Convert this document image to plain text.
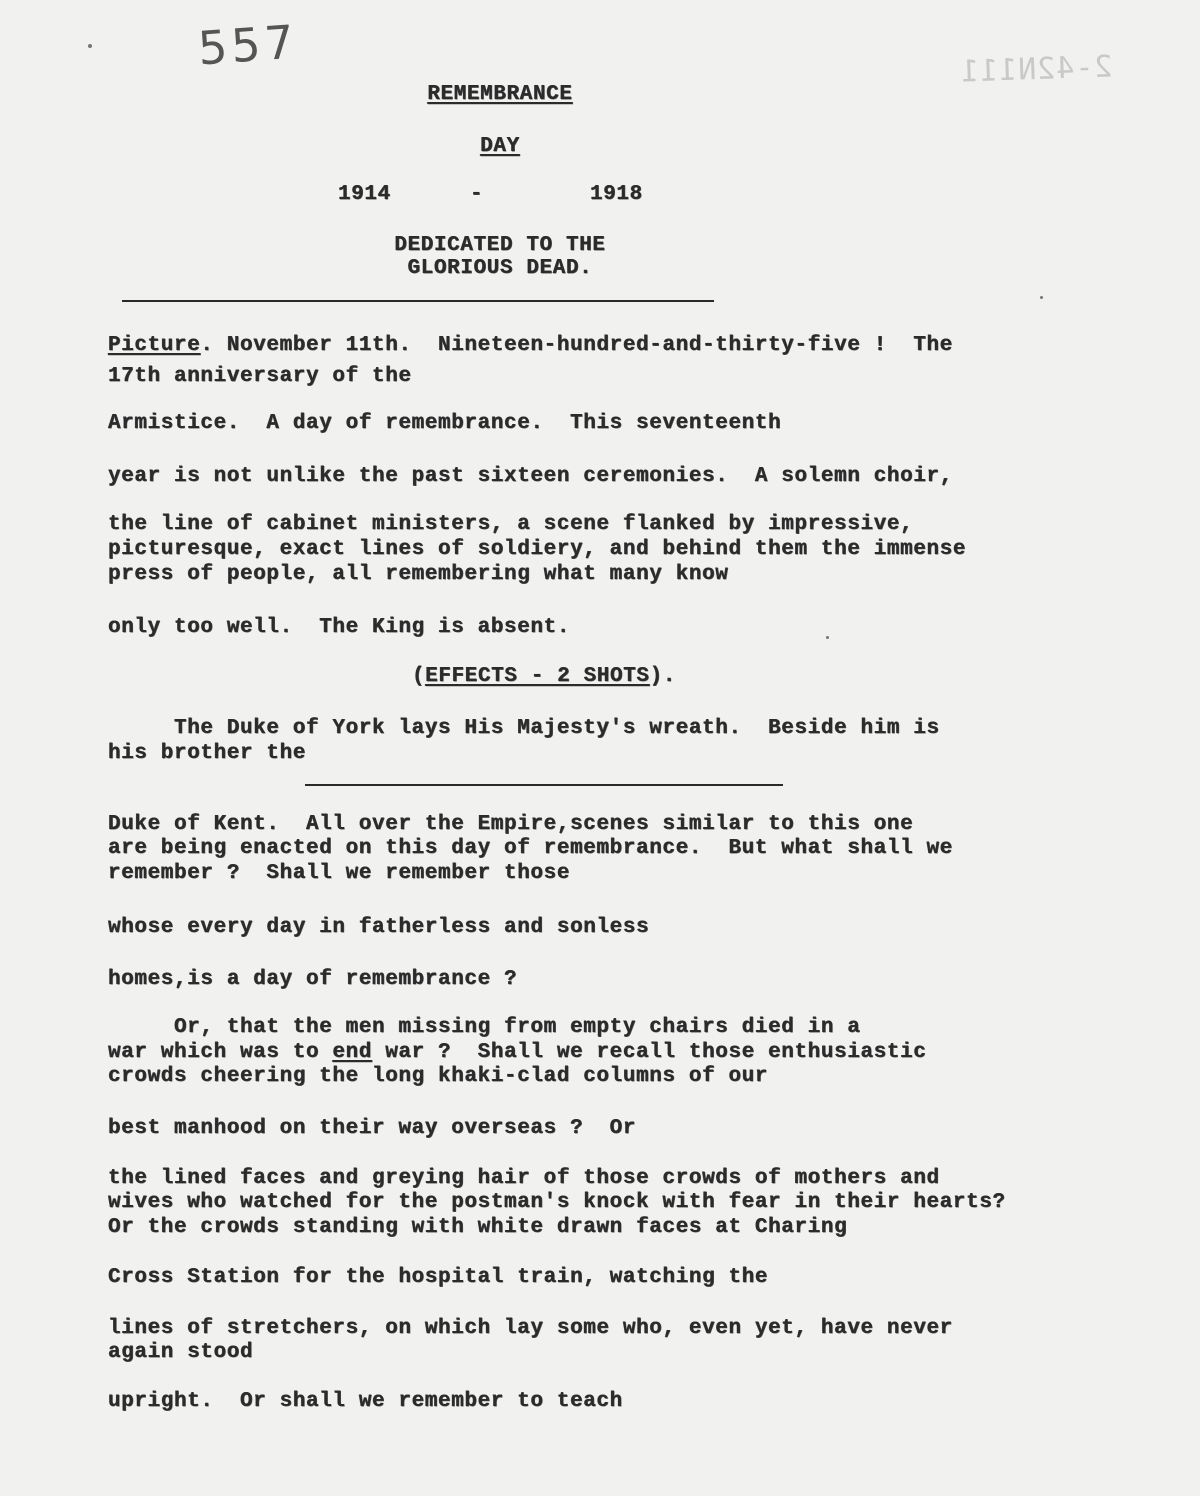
557	2-42N111
REMEMBRANCE
DAY
1914	-	1918
DEDICATED TO THE
GLORIOUS DEAD.
Picture. November 11th.  Nineteen-hundred-and-thirty-five !  The
17th anniversary of the
Armistice.  A day of remembrance.  This seventeenth
year is not unlike the past sixteen ceremonies.  A solemn choir,
the line of cabinet ministers, a scene flanked by impressive,
picturesque, exact lines of soldiery, and behind them the immense
press of people, all remembering what many know
only too well.  The King is absent.
(EFFECTS - 2 SHOTS).
The Duke of York lays His Majesty's wreath.  Beside him is
his brother the
Duke of Kent.  All over the Empire,scenes similar to this one
are being enacted on this day of remembrance.  But what shall we
remember ?  Shall we remember those
whose every day in fatherless and sonless
homes,is a day of remembrance ?
Or, that the men missing from empty chairs died in a
war which was to end war ?  Shall we recall those enthusiastic
crowds cheering the long khaki-clad columns of our
best manhood on their way overseas ?  Or
the lined faces and greying hair of those crowds of mothers and
wives who watched for the postman's knock with fear in their hearts?
Or the crowds standing with white drawn faces at Charing
Cross Station for the hospital train, watching the
lines of stretchers, on which lay some who, even yet, have never
again stood
upright.  Or shall we remember to teach
